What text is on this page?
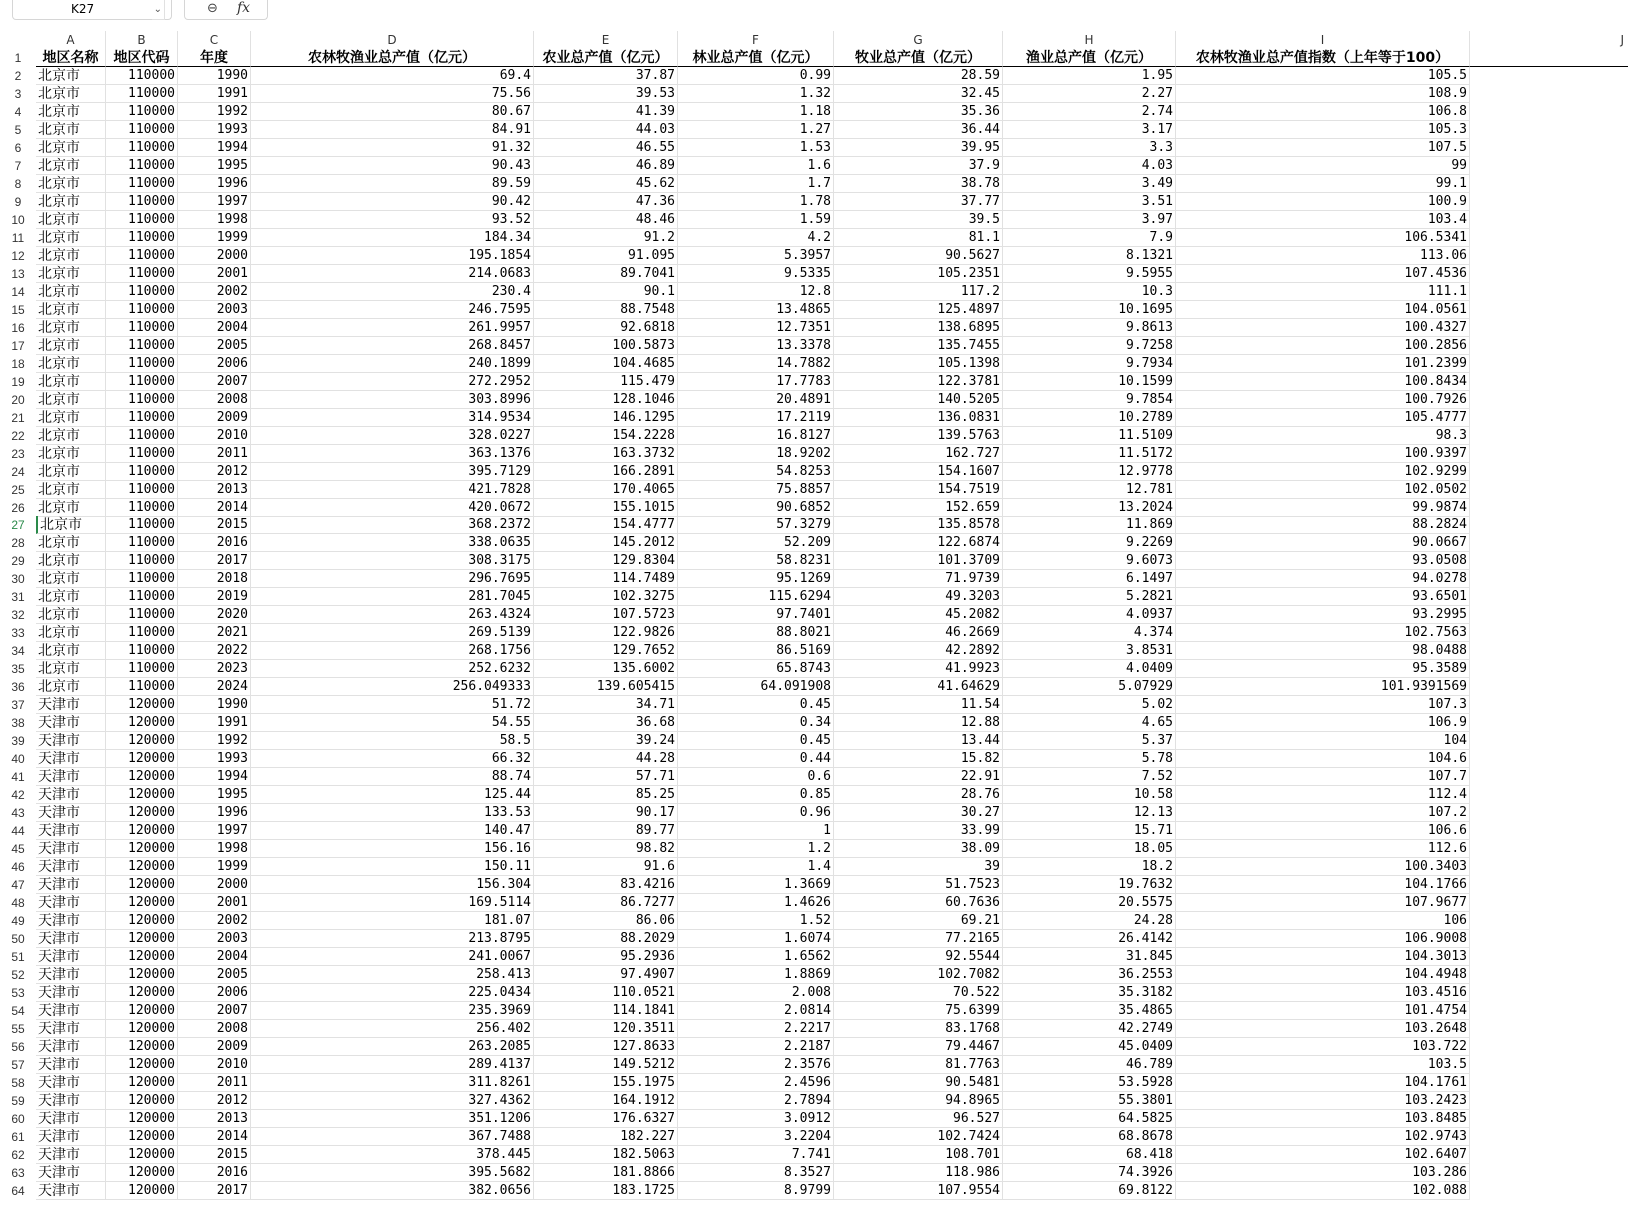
K27	⌄	⊖ fx
A	B	C	D	E	F	G	H	I	J
1	地区名称	地区代码	年度	农林牧渔业总产值（亿元）	农业总产值（亿元）	林业总产值（亿元）	牧业总产值（亿元）	渔业总产值（亿元）	农林牧渔业总产值指数（上年等于100）
2	北京市	110000	1990	69.4	37.87	0.99	28.59	1.95	105.5
3	北京市	110000	1991	75.56	39.53	1.32	32.45	2.27	108.9
4	北京市	110000	1992	80.67	41.39	1.18	35.36	2.74	106.8
5	北京市	110000	1993	84.91	44.03	1.27	36.44	3.17	105.3
6	北京市	110000	1994	91.32	46.55	1.53	39.95	3.3	107.5
7	北京市	110000	1995	90.43	46.89	1.6	37.9	4.03	99
8	北京市	110000	1996	89.59	45.62	1.7	38.78	3.49	99.1
9	北京市	110000	1997	90.42	47.36	1.78	37.77	3.51	100.9
10 北京市	110000	1998	93.52	48.46	1.59	39.5	3.97	103.4
11 北京市	110000	1999	184.34	91.2	4.2	81.1	7.9	106.5341
12 北京市	110000	2000	195.1854	91.095	5.3957	90.5627	8.1321	113.06
13 北京市	110000	2001	214.0683	89.7041	9.5335	105.2351	9.5955	107.4536
14 北京市	110000	2002	230.4	90.1	12.8	117.2	10.3	111.1
15 北京市	110000	2003	246.7595	88.7548	13.4865	125.4897	10.1695	104.0561
16 北京市	110000	2004	261.9957	92.6818	12.7351	138.6895	9.8613	100.4327
17 北京市	110000	2005	268.8457	100.5873	13.3378	135.7455	9.7258	100.2856
18 北京市	110000	2006	240.1899	104.4685	14.7882	105.1398	9.7934	101.2399
19 北京市	110000	2007	272.2952	115.479	17.7783	122.3781	10.1599	100.8434
20 北京市	110000	2008	303.8996	128.1046	20.4891	140.5205	9.7854	100.7926
21 北京市	110000	2009	314.9534	146.1295	17.2119	136.0831	10.2789	105.4777
22 北京市	110000	2010	328.0227	154.2228	16.8127	139.5763	11.5109	98.3
23 北京市	110000	2011	363.1376	163.3732	18.9202	162.727	11.5172	100.9397
24 北京市	110000	2012	395.7129	166.2891	54.8253	154.1607	12.9778	102.9299
25 北京市	110000	2013	421.7828	170.4065	75.8857	154.7519	12.781	102.0502
26 北京市	110000	2014	420.0672	155.1015	90.6852	152.659	13.2024	99.9874
27	北京市	110000	2015	368.2372	154.4777	57.3279	135.8578	11.869	88.2824
28 北京市	110000	2016	338.0635	145.2012	52.209	122.6874	9.2269	90.0667
29 北京市	110000	2017	308.3175	129.8304	58.8231	101.3709	9.6073	93.0508
30 北京市	110000	2018	296.7695	114.7489	95.1269	71.9739	6.1497	94.0278
31 北京市	110000	2019	281.7045	102.3275	115.6294	49.3203	5.2821	93.6501
32 北京市	110000	2020	263.4324	107.5723	97.7401	45.2082	4.0937	93.2995
33 北京市	110000	2021	269.5139	122.9826	88.8021	46.2669	4.374	102.7563
34 北京市	110000	2022	268.1756	129.7652	86.5169	42.2892	3.8531	98.0488
35 北京市	110000	2023	252.6232	135.6002	65.8743	41.9923	4.0409	95.3589
36 北京市	110000	2024	256.049333	139.605415	64.091908	41.64629	5.07929	101.9391569
37 天津市	120000	1990	51.72	34.71	0.45	11.54	5.02	107.3
38 天津市	120000	1991	54.55	36.68	0.34	12.88	4.65	106.9
39 天津市	120000	1992	58.5	39.24	0.45	13.44	5.37	104
40 天津市	120000	1993	66.32	44.28	0.44	15.82	5.78	104.6
41 天津市	120000	1994	88.74	57.71	0.6	22.91	7.52	107.7
42 天津市	120000	1995	125.44	85.25	0.85	28.76	10.58	112.4
43 天津市	120000	1996	133.53	90.17	0.96	30.27	12.13	107.2
44 天津市	120000	1997	140.47	89.77	1	33.99	15.71	106.6
45 天津市	120000	1998	156.16	98.82	1.2	38.09	18.05	112.6
46 天津市	120000	1999	150.11	91.6	1.4	39	18.2	100.3403
47 天津市	120000	2000	156.304	83.4216	1.3669	51.7523	19.7632	104.1766
48 天津市	120000	2001	169.5114	86.7277	1.4626	60.7636	20.5575	107.9677
49 天津市	120000	2002	181.07	86.06	1.52	69.21	24.28	106
50 天津市	120000	2003	213.8795	88.2029	1.6074	77.2165	26.4142	106.9008
51 天津市	120000	2004	241.0067	95.2936	1.6562	92.5544	31.845	104.3013
52 天津市	120000	2005	258.413	97.4907	1.8869	102.7082	36.2553	104.4948
53 天津市	120000	2006	225.0434	110.0521	2.008	70.522	35.3182	103.4516
54 天津市	120000	2007	235.3969	114.1841	2.0814	75.6399	35.4865	101.4754
55 天津市	120000	2008	256.402	120.3511	2.2217	83.1768	42.2749	103.2648
56 天津市	120000	2009	263.2085	127.8633	2.2187	79.4467	45.0409	103.722
57 天津市	120000	2010	289.4137	149.5212	2.3576	81.7763	46.789	103.5
58 天津市	120000	2011	311.8261	155.1975	2.4596	90.5481	53.5928	104.1761
59 天津市	120000	2012	327.4362	164.1912	2.7894	94.8965	55.3801	103.2423
60 天津市	120000	2013	351.1206	176.6327	3.0912	96.527	64.5825	103.8485
61 天津市	120000	2014	367.7488	182.227	3.2204	102.7424	68.8678	102.9743
62 天津市	120000	2015	378.445	182.5063	7.741	108.701	68.418	102.6407
63 天津市	120000	2016	395.5682	181.8866	8.3527	118.986	74.3926	103.286
64 天津市	120000	2017	382.0656	183.1725	8.9799	107.9554	69.8122	102.088
